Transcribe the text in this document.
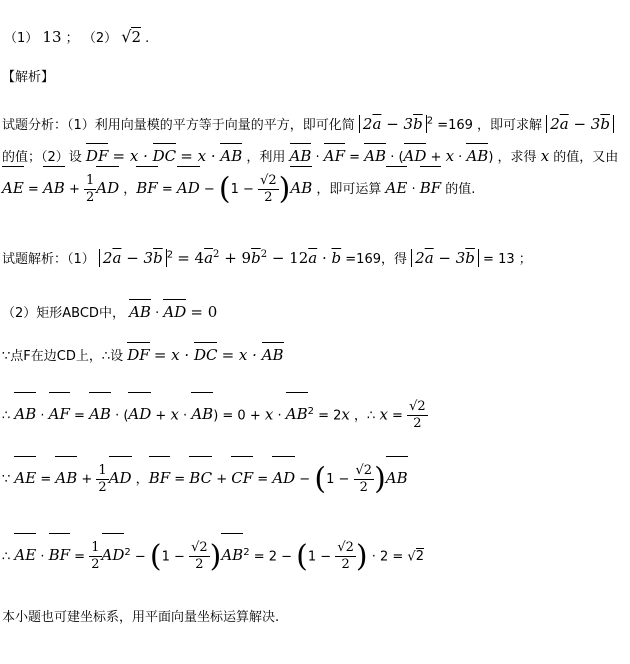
（1） 13 ； （2） √2 .
【解析】
试题分析：（1）利用向量模的平方等于向量的平方，即可化简 $2\overline{a} - 3\overline{b}$ $^2$ =169 ，即可求解 $2\overline{a} - 3\overline{b}$
的值；（2）设 DF = x · DC = x · AB ，利用 AB · AF = AB · (AD + x · AB) ，求得 x 的值，又由
AE = AB + $\frac{1}{2}$ AD ，BF = AD − $(1 - \frac{√2}{2} )AB$ ，即可运算 AE · BF 的值.
试题解析：（1） $2\overline{a} - 3\overline{b}$ $^2 = 4\overline{a}^2 + 9\overline{b}^2 - 12\overline{a} \cdot \overline{b} =169$，得 $2\overline{a} - 3\overline{b} = 13$ ；
（2）矩形ABCD中， AB · AD = 0
∵点F在边CD上，∴设 DF = x · DC = x · AB
∴ AB · AF = AB · $(AD + x \cdot AB) = 0 + x \cdot AB^2 = 2x$ ，∴ $x = \frac{√2}{2}$
∵ AE = AB + $\frac{1}{2}$ AD ，BF = BC + CF = AD − $(1 - \frac{√2}{2} )AB$
∴ AE · BF = $\frac{1}{2} AD^2 - (1 - \frac{√2}{2} )AB^2 = 2 - (1 - \frac{√2}{2}$ ) · 2 = √2
本小题也可建坐标系，用平面向量坐标运算解决.
